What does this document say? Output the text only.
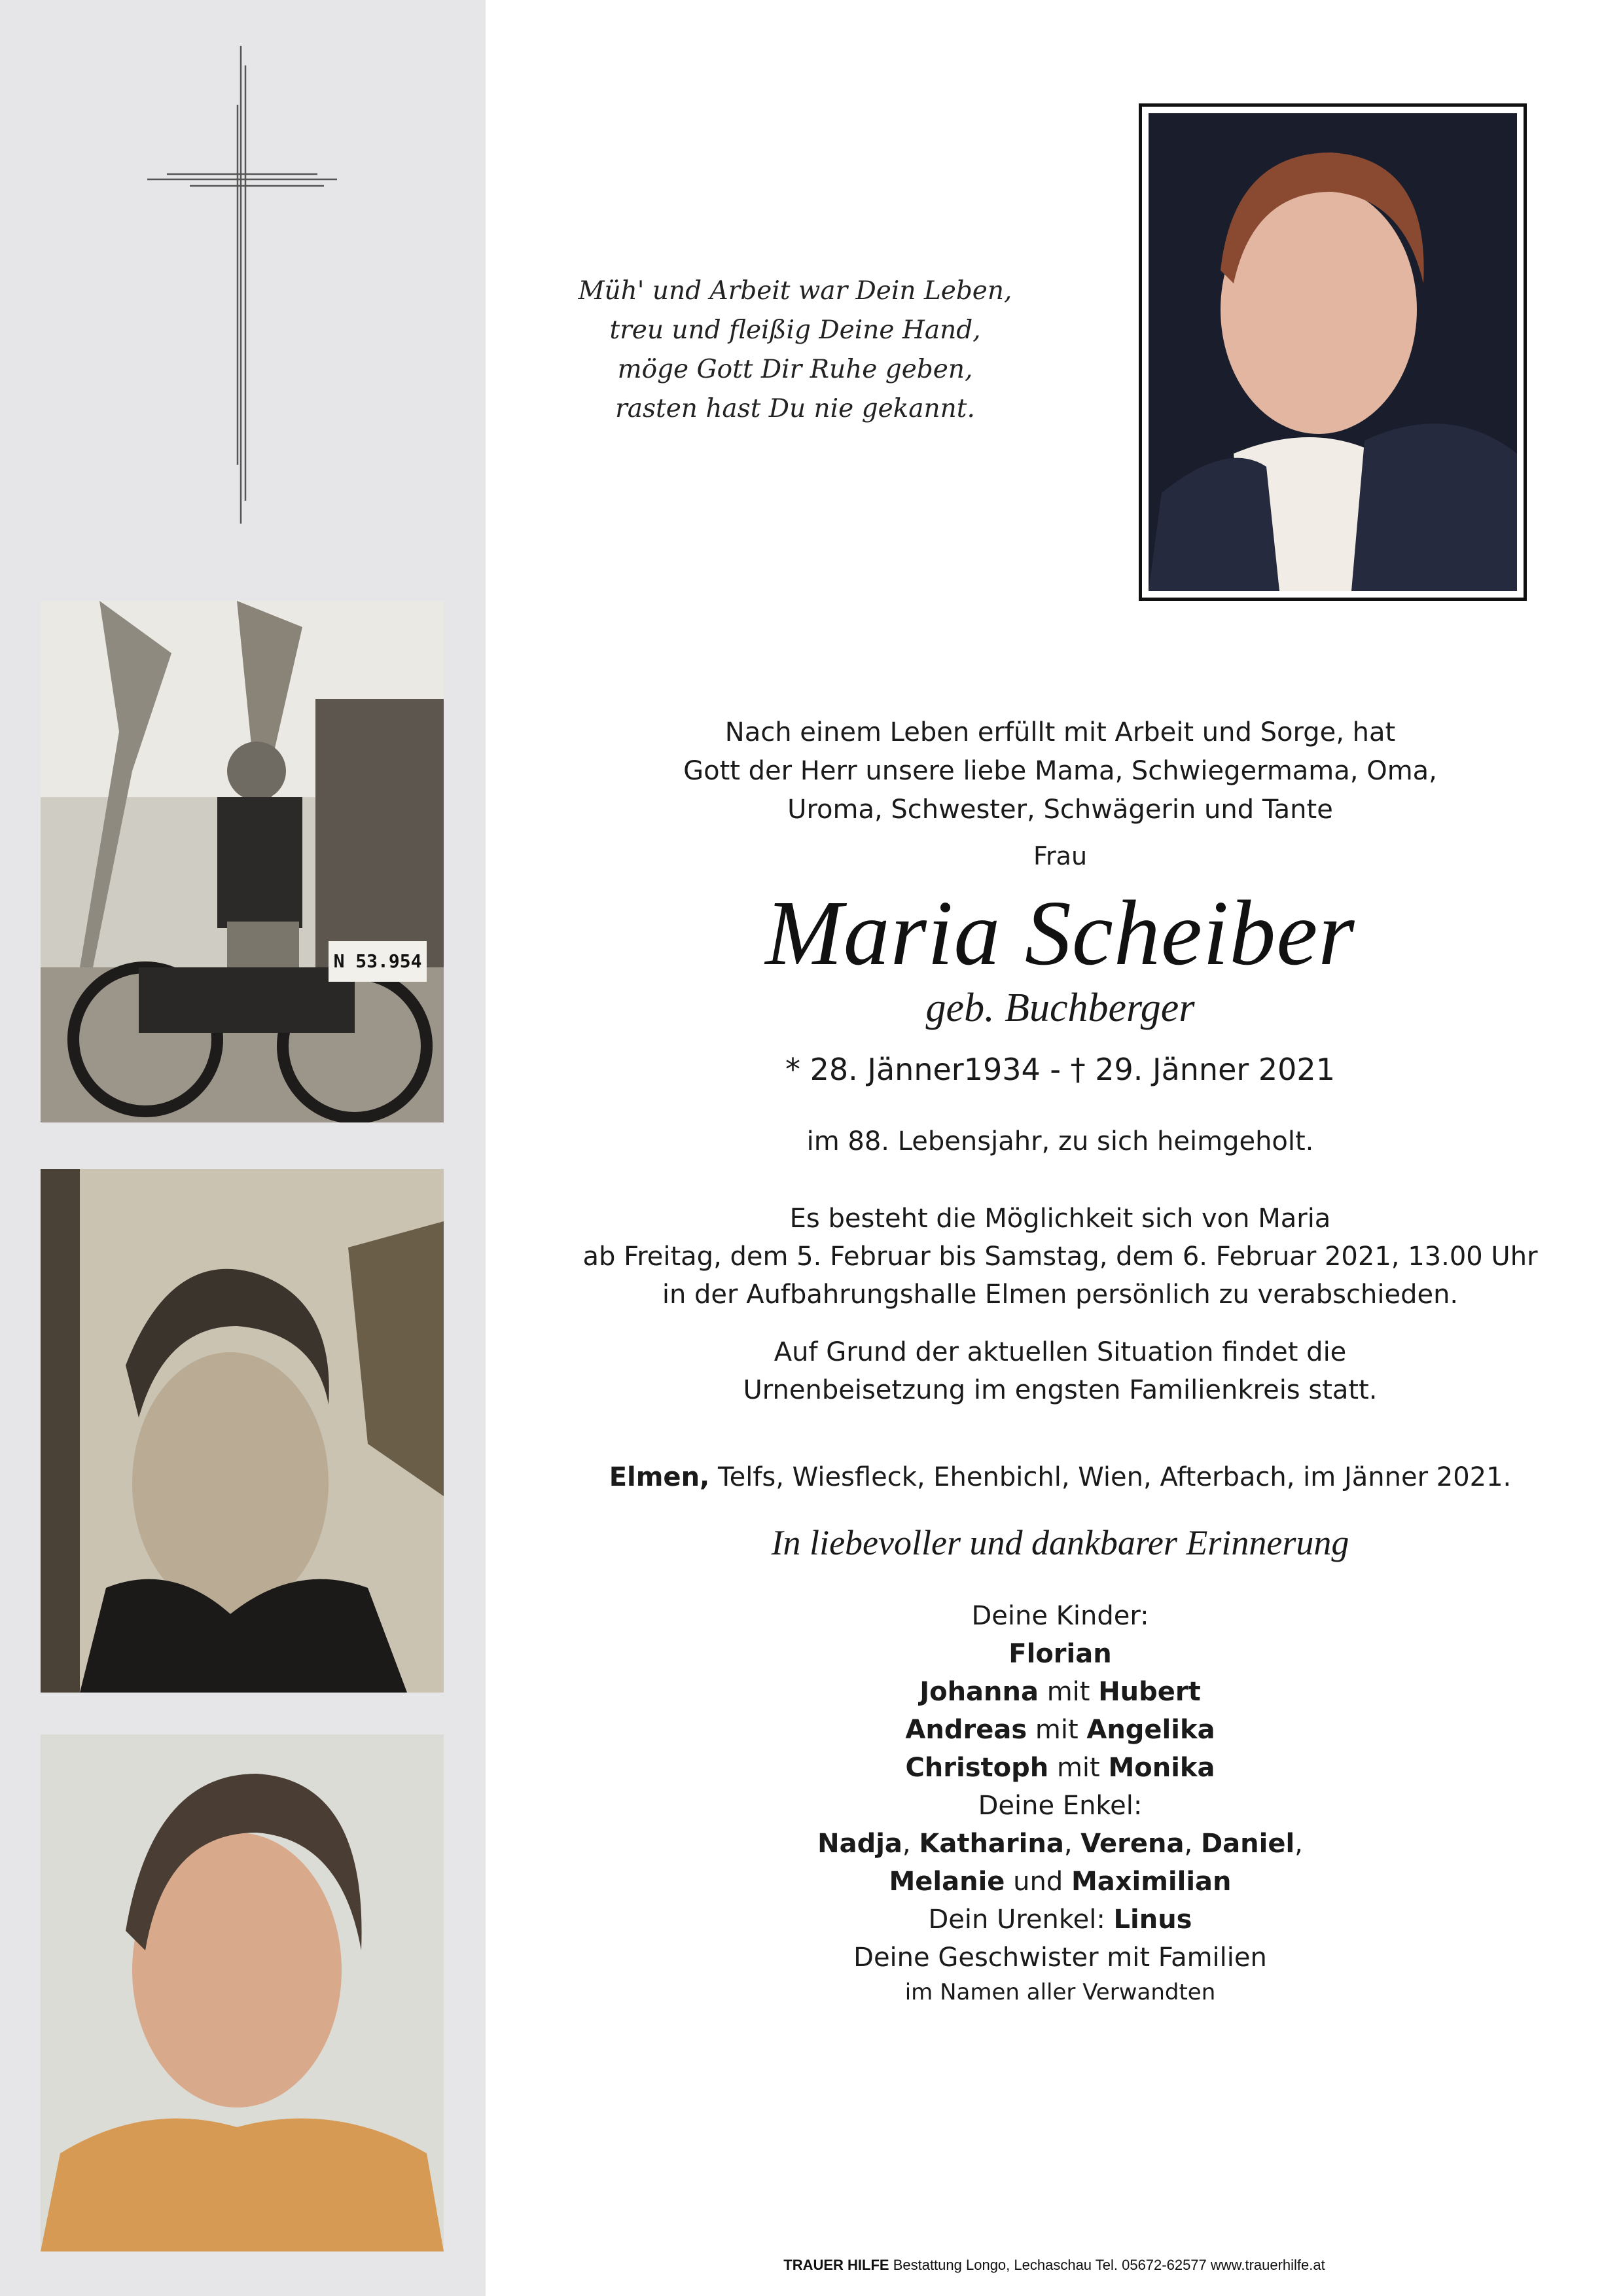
N 53.954
Müh' und Arbeit war Dein Leben,
treu und fleißig Deine Hand,
möge Gott Dir Ruhe geben,
rasten hast Du nie gekannt.
Nach einem Leben erfüllt mit Arbeit und Sorge, hat
Gott der Herr unsere liebe Mama, Schwiegermama, Oma,
Uroma, Schwester, Schwägerin und Tante
Frau
Maria Scheiber
geb. Buchberger
* 28. Jänner1934 - † 29. Jänner 2021
im 88. Lebensjahr, zu sich heimgeholt.
Es besteht die Möglichkeit sich von Maria
ab Freitag, dem 5. Februar bis Samstag, dem 6. Februar 2021, 13.00 Uhr
in der Aufbahrungshalle Elmen persönlich zu verabschieden.
Auf Grund der aktuellen Situation findet die
Urnenbeisetzung im engsten Familienkreis statt.
Elmen, Telfs, Wiesfleck, Ehenbichl, Wien, Afterbach, im Jänner 2021.
In liebevoller und dankbarer Erinnerung
Deine Kinder:
Florian
Johanna mit Hubert
Andreas mit Angelika
Christoph mit Monika
Deine Enkel:
Nadja, Katharina, Verena, Daniel,
Melanie und Maximilian
Dein Urenkel: Linus
Deine Geschwister mit Familien
im Namen aller Verwandten
TRAUER HILFE Bestattung Longo, Lechaschau Tel. 05672-62577 www.trauerhilfe.at
